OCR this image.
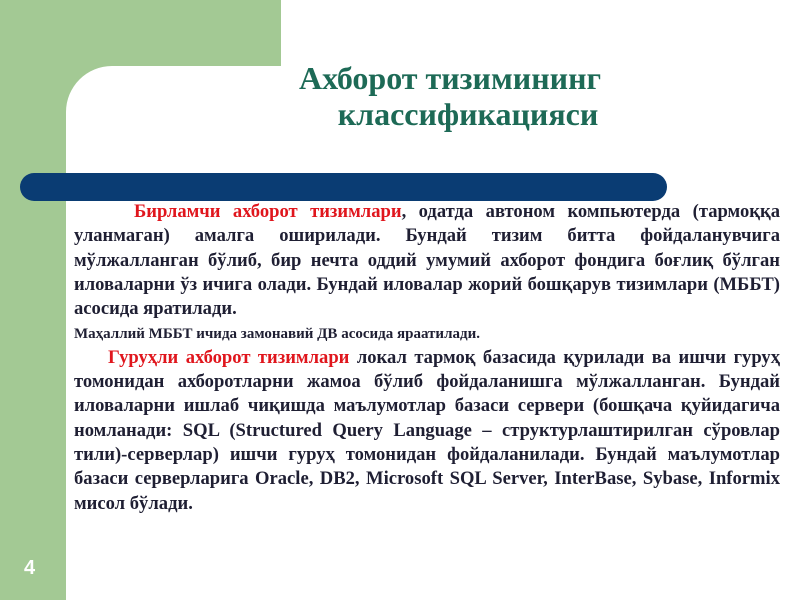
Ахборот тизимининг
классификацияси

Бирламчи ахборот тизимлари, одатда автоном компьютерда (тармоққа уланмаган) амалга оширилади. Бундай тизим битта фойдаланувчига мўлжалланган бўлиб, бир нечта оддий умумий ахборот фондига боғлиқ бўлган иловаларни ўз ичига олади. Бундай иловалар жорий бошқарув тизимлари (МББТ) асосида яратилади.
Маҳаллий МББТ ичида замонавий ДВ асосида яраатилади.

Гуруҳли ахборот тизимлари локал тармоқ базасида қурилади ва ишчи гуруҳ томонидан ахборотларни жамоа бўлиб фойдаланишга мўлжалланган. Бундай иловаларни ишлаб чиқишда маълумотлар базаси сервери (бошқача қуйидагича номланади: SQL (Structured Query Language – структурлаштирилган сўровлар тили)-серверлар) ишчи гуруҳ томонидан фойдаланилади. Бундай маълумотлар базаси серверларига Oracle, DB2, Microsoft SQL Server, InterBase, Sybase, Informix мисол бўлади.

4
